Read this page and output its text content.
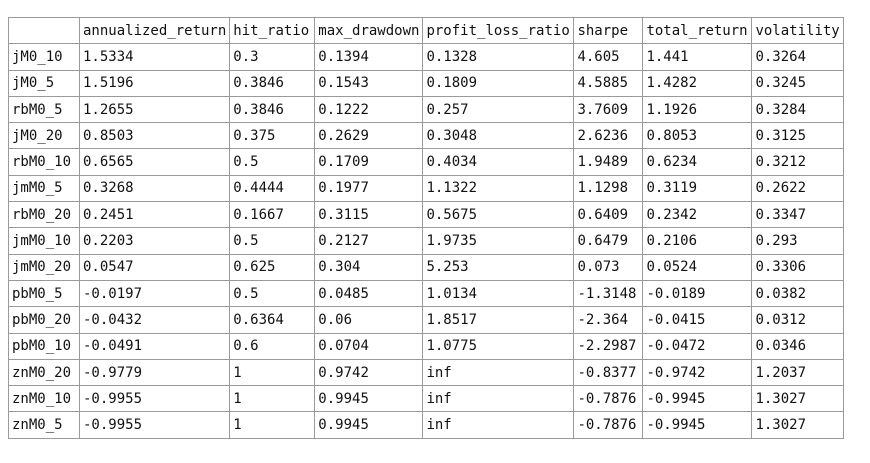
	annualized_return	hit_ratio	max_drawdown	profit_loss_ratio	sharpe	total_return	volatility
jM0_10	1.5334	0.3	0.1394	0.1328	4.605	1.441	0.3264
jM0_5	1.5196	0.3846	0.1543	0.1809	4.5885	1.4282	0.3245
rbM0_5	1.2655	0.3846	0.1222	0.257	3.7609	1.1926	0.3284
jM0_20	0.8503	0.375	0.2629	0.3048	2.6236	0.8053	0.3125
rbM0_10	0.6565	0.5	0.1709	0.4034	1.9489	0.6234	0.3212
jmM0_5	0.3268	0.4444	0.1977	1.1322	1.1298	0.3119	0.2622
rbM0_20	0.2451	0.1667	0.3115	0.5675	0.6409	0.2342	0.3347
jmM0_10	0.2203	0.5	0.2127	1.9735	0.6479	0.2106	0.293
jmM0_20	0.0547	0.625	0.304	5.253	0.073	0.0524	0.3306
pbM0_5	-0.0197	0.5	0.0485	1.0134	-1.3148	-0.0189	0.0382
pbM0_20	-0.0432	0.6364	0.06	1.8517	-2.364	-0.0415	0.0312
pbM0_10	-0.0491	0.6	0.0704	1.0775	-2.2987	-0.0472	0.0346
znM0_20	-0.9779	1	0.9742	inf	-0.8377	-0.9742	1.2037
znM0_10	-0.9955	1	0.9945	inf	-0.7876	-0.9945	1.3027
znM0_5	-0.9955	1	0.9945	inf	-0.7876	-0.9945	1.3027
